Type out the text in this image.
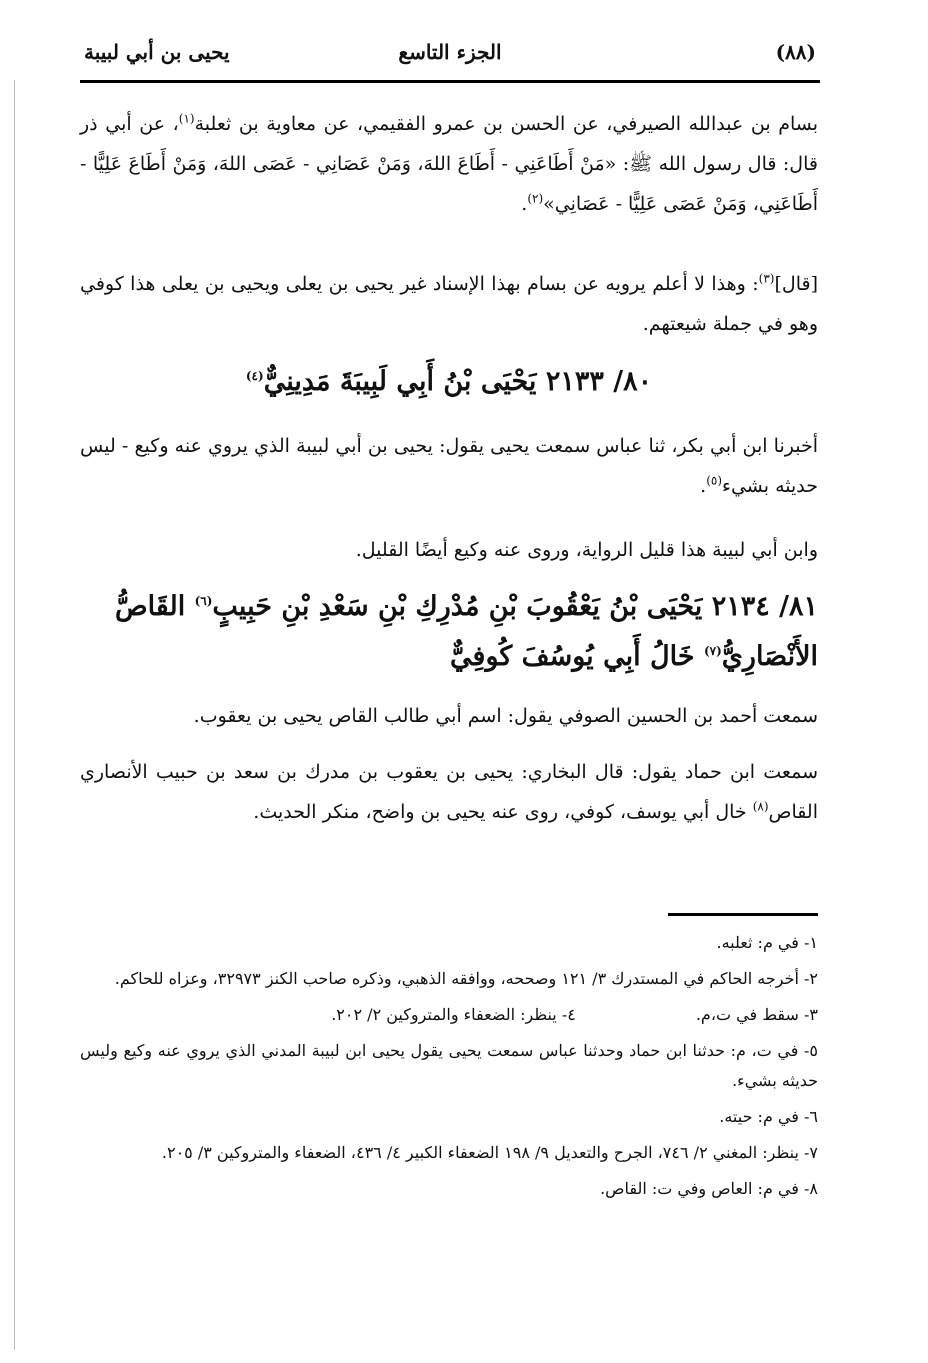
(٨٨)
الجزء التاسع
يحيى بن أبي لبيبة

بسام بن عبدالله الصيرفي، عن الحسن بن عمرو الفقيمي، عن معاوية بن ثعلبة$^{(١)}$، عن أبي ذر قال: قال رسول الله ﷺ: «مَنْ أَطَاعَنِي - أَطَاعَ اللهَ، وَمَنْ عَصَانِي - عَصَى اللهَ، وَمَنْ أَطَاعَ عَلِيًّا - أَطَاعَنِي، وَمَنْ عَصَى عَلِيًّا - عَصَانِي»$^{(٢)}$.

[قال]$^{(٣)}$: وهذا لا أعلم يرويه عن بسام بهذا الإسناد غير يحيى بن يعلى ويحيى بن يعلى هذا كوفي وهو في جملة شيعتهم.

٨٠/ ٢١٣٣ يَحْيَى بْنُ أَبِي لَبِيبَةَ مَدِينِيٌّ$^{(٤)}$

أخبرنا ابن أبي بكر، ثنا عباس سمعت يحيى يقول: يحيى بن أبي لبيبة الذي يروي عنه وكيع - ليس حديثه بشيء$^{(٥)}$.

وابن أبي لبيبة هذا قليل الرواية، وروى عنه وكيع أيضًا القليل.

٨١/ ٢١٣٤ يَحْيَى بْنُ يَعْقُوبَ بْنِ مُدْرِكِ بْنِ سَعْدِ بْنِ حَبِيبٍ$^{(٦)}$ القَاصُّ الأَنْصَارِيُّ$^{(٧)}$ خَالُ أَبِي يُوسُفَ كُوفِيٌّ

سمعت أحمد بن الحسين الصوفي يقول: اسم أبي طالب القاص يحيى بن يعقوب.

سمعت ابن حماد يقول: قال البخاري: يحيى بن يعقوب بن مدرك بن سعد بن حبيب الأنصاري القاص$^{(٨)}$ خال أبي يوسف، كوفي، روى عنه يحيى بن واضح، منكر الحديث.

١- في م: ثعلبه.

٢- أخرجه الحاكم في المستدرك ٣/ ١٢١ وصححه، ووافقه الذهبي، وذكره صاحب الكنز ٣٢٩٧٣، وعزاه للحاكم.

٣- سقط في ت،م.
٤- ينظر: الضعفاء والمتروكين ٢/ ٢٠٢.

٥- في ت، م: حدثنا ابن حماد وحدثنا عباس سمعت يحيى يقول يحيى ابن لبيبة المدني الذي يروي عنه وكيع وليس حديثه بشيء.

٦- في م: حيته.

٧- ينظر: المغني ٢/ ٧٤٦، الجرح والتعديل ٩/ ١٩٨ الضعفاء الكبير ٤/ ٤٣٦، الضعفاء والمتروكين ٣/ ٢٠٥.

٨- في م: العاص وفي ت: القاص.
